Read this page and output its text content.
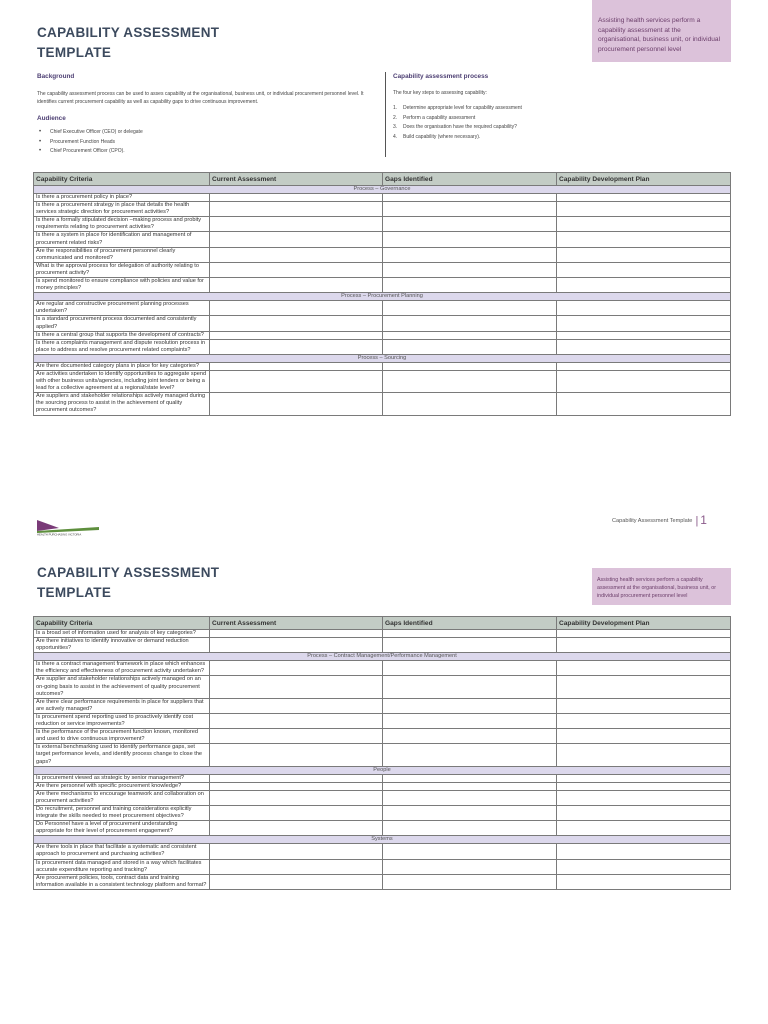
CAPABILITY ASSESSMENT
TEMPLATE
Assisting health services perform a capability assessment at the organisational, business unit, or individual procurement personnel level
Background
The capability assessment process can be used to asses capability at the organisational, business unit, or individual procurement personnel level. It identifies current procurement capability as well as capability gaps to drive continuous improvement.
Audience
• Chief Executive Officer (CEO) or delegate
• Procurement Function Heads
• Chief Procurement Officer (CPO).
Capability assessment process
The four key steps to assessing capability:
1. Determine appropriate level for capability assessment
2. Perform a capability assessment
3. Does the organisation have the required capability?
4. Build capability (where necessary).
Capability Criteria	Current Assessment	Gaps Identified	Capability Development Plan
Process – Governance			
Is there a procurement policy in place?			
Is there a procurement strategy in place that details the health services strategic direction for procurement activities?			
Is there a formally stipulated decision –making process and probity requirements relating to procurement activities?			
Is there a system in place for identification and management of procurement related risks?			
Are the responsibilities of procurement personnel clearly communicated and monitored?			
What is the approval process for delegation of authority relating to procurement activity?			
Is spend monitored to ensure compliance with policies and value for money principles?			
Process – Procurement Planning			
Are regular and constructive procurement planning processes undertaken?			
Is a standard procurement process documented and consistently applied?			
Is there a central group that supports the development of contracts?			
Is there a complaints management and dispute resolution process in place to address and resolve procurement related complaints?			
Process – Sourcing			
Are there documented category plans in place for key categories?			
Are activities undertaken to identify opportunities to aggregate spend with other business units/agencies, including joint tenders or being a lead for a collective agreement at a regional/state level?			
Are suppliers and stakeholder relationships actively managed during the sourcing process to assist in the achievement of quality procurement outcomes?			
HEALTH PURCHASING VICTORIA
Capability Assessment Template | 1
CAPABILITY ASSESSMENT
TEMPLATE
Assisting health services perform a capability assessment at the organisational, business unit, or individual procurement personnel level
Capability Criteria	Current Assessment	Gaps Identified	Capability Development Plan
Is a broad set of information used for analysis of key categories?			
Are there initiatives to identify innovative or demand reduction opportunities?			
Process – Contract Management/Performance Management			
Is there a contract management framework in place which enhances the efficiency and effectiveness of procurement activity undertaken?			
Are supplier and stakeholder relationships actively managed on an on-going basis to assist in the achievement of quality procurement outcomes?			
Are there clear performance requirements in place for suppliers that are actively managed?			
Is procurement spend reporting used to proactively identify cost reduction or service improvements?			
Is the performance of the procurement function known, monitored and used to drive continuous improvement?			
Is external benchmarking used to identify performance gaps, set target performance levels, and identify process change to close the gaps?			
People			
Is procurement viewed as strategic by senior management?			
Are there personnel with specific procurement knowledge?			
Are there mechanisms to encourage teamwork and collaboration on procurement activities?			
Do recruitment, personnel and training considerations explicitly integrate the skills needed to meet procurement objectives?			
Do Personnel have a level of procurement understanding appropriate for their level of procurement engagement?			
Systems			
Are there tools in place that facilitate a systematic and consistent approach to procurement and purchasing activities?			
Is procurement data managed and stored in a way which facilitates accurate expenditure reporting and tracking?			
Are procurement policies, tools, contract data and training information available in a consistent technology platform and format?			
